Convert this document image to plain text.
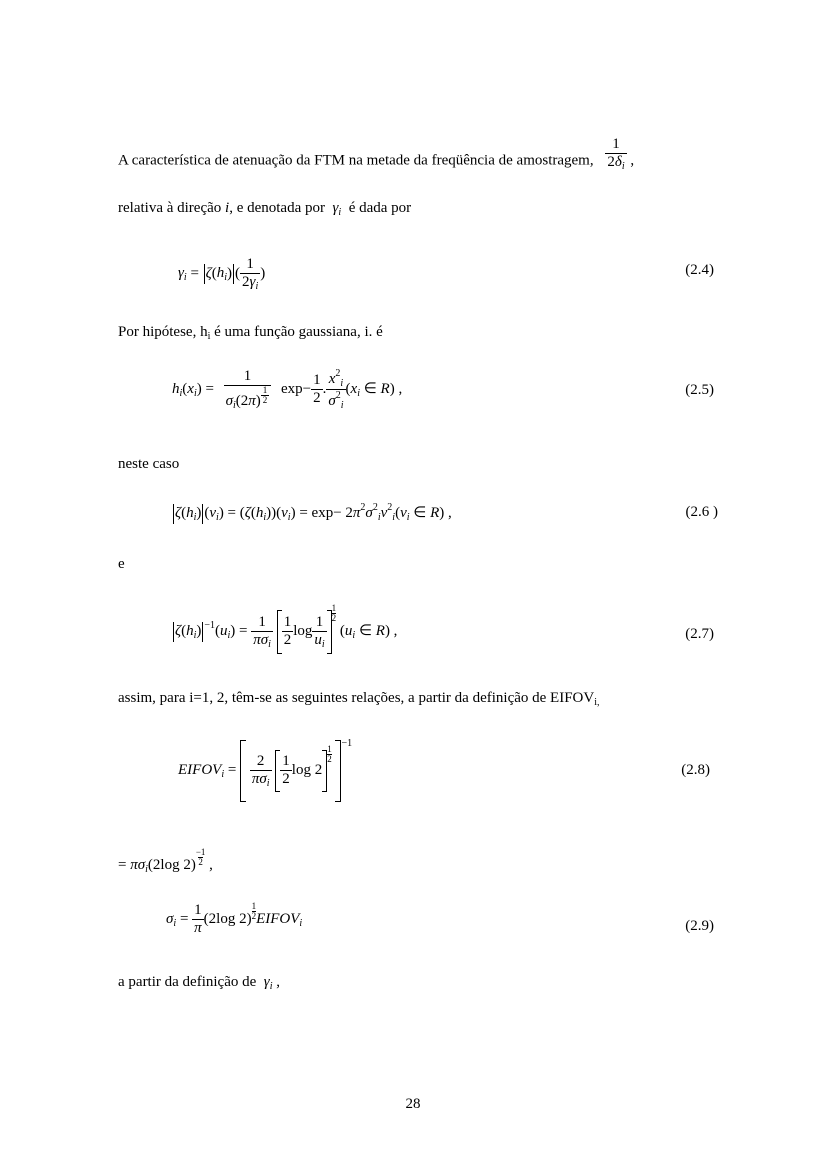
A característica de atenuação da FTM na metade da freqüência de amostragem, $\frac{1}{2\delta_i}$ ,
relativa à direção i, e denotada por  $\gamma_i$ é dada por
$\gamma_i = \zeta(h_i)$ ( $\frac{1}{2\gamma_i}$ )	(2.4)
Por hipótese, $h_i$ é uma função gaussiana, i. é
$h_i(x_i) = \frac{1}{\sigma_i(2\pi) \frac{1}{2}} \exp- \frac{1}{2}$ . $\frac{x^2_i}{\sigma^2_i} (x_i$ ∈ R) ,	(2.5)
neste caso
$\zeta(h_i) (\nu_i) = (\zeta(h_i))(\nu_i) = \exp- 2\pi^2\sigma^2_i\nu^2_i(\nu_i$ ∈ R) ,	(2.6 )
e
$\zeta(h_i) ^{-1}(u_i) = \frac{1}{\pi\sigma_i}$
$\frac{1}{2}$ $\log \frac{1}{u_i}$
$\frac{1}{2}$
($u_i$ ∈ R) ,	(2.7)
assim, para i=1, 2, têm-se as seguintes relações, a partir da definição de $EIFOV_{i,}$
$EIFOV_i = \frac{2}{\pi\sigma_i}$
$\frac{1}{2}$ log 2
$\frac{1}{2}$
$^{-1}$
(2.8)
= $\pi\sigma_i(2\log$ $2) \frac{-1}{2}$ ,
$\sigma_i = \frac{1}{\pi} (2\log$ $2) \frac{1}{2}$ $EIFOV_i$	(2.9)
a partir da definição de  $\gamma_i$ ,
28
